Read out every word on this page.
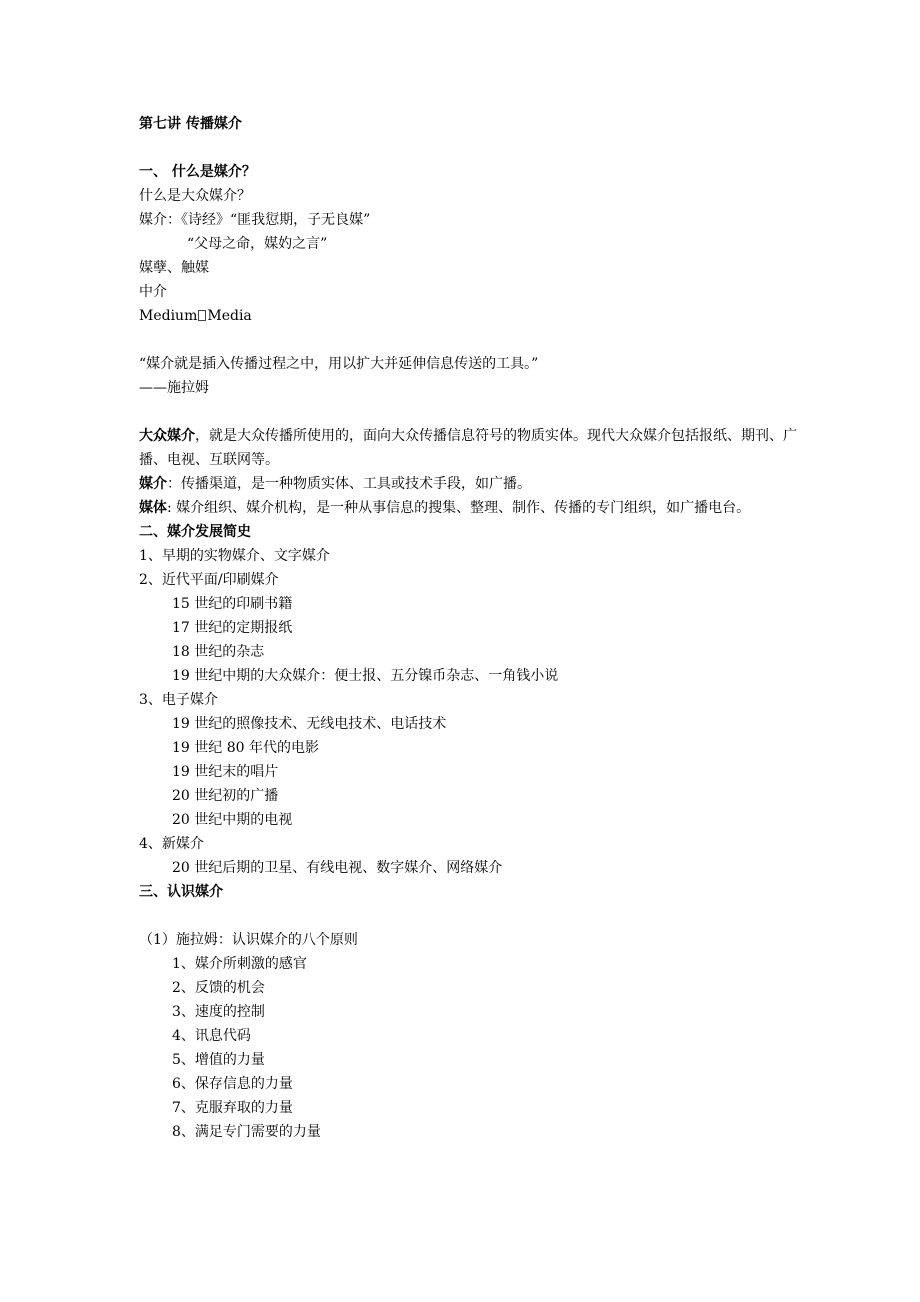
第七讲 传播媒介
一、 什么是媒介？
什么是大众媒介？
媒介：《诗经》“匪我愆期，子无良媒”
“父母之命，媒妁之言”
媒孽、触媒
中介
Medium Media
“媒介就是插入传播过程之中，用以扩大并延伸信息传送的工具。”
——施拉姆
大众媒介，就是大众传播所使用的，面向大众传播信息符号的物质实体。现代大众媒介包括报纸、期刊、广播、电视、互联网等。
媒介：传播渠道，是一种物质实体、工具或技术手段，如广播。
媒体: 媒介组织、媒介机构，是一种从事信息的搜集、整理、制作、传播的专门组织，如广播电台。
二、媒介发展简史
1、早期的实物媒介、文字媒介
2、近代平面/印刷媒介
15 世纪的印刷书籍
17 世纪的定期报纸
18 世纪的杂志
19 世纪中期的大众媒介：便士报、五分镍币杂志、一角钱小说
3、电子媒介
19 世纪的照像技术、无线电技术、电话技术
19 世纪 80 年代的电影
19 世纪末的唱片
20 世纪初的广播
20 世纪中期的电视
4、新媒介
20 世纪后期的卫星、有线电视、数字媒介、网络媒介
三、认识媒介
（1）施拉姆：认识媒介的八个原则
1、媒介所刺激的感官
2、反馈的机会
3、速度的控制
4、讯息代码
5、增值的力量
6、保存信息的力量
7、克服弃取的力量
8、满足专门需要的力量
